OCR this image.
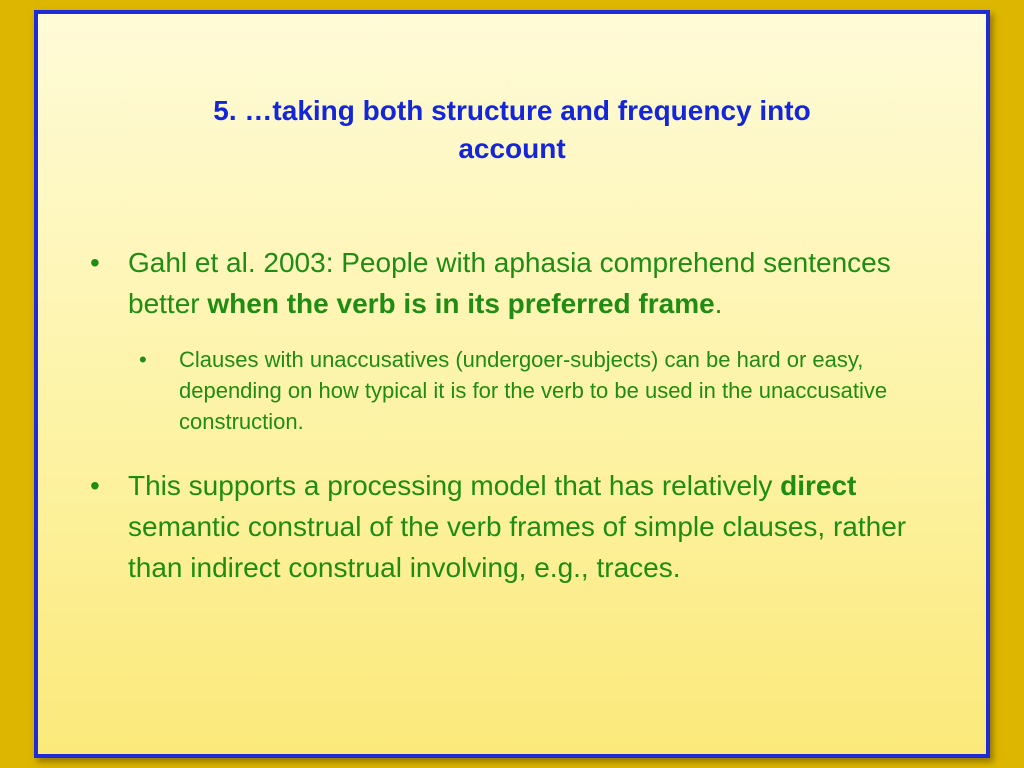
5. …taking both structure and frequency into
account
•	Gahl et al. 2003: People with aphasia comprehend sentences better when the verb is in its preferred frame.
•	Clauses with unaccusatives (undergoer-subjects) can be hard or easy, depending on how typical it is for the verb to be used in the unaccusative construction.
•	This supports a processing model that has relatively direct semantic construal of the verb frames of simple clauses, rather than indirect construal involving, e.g., traces.
